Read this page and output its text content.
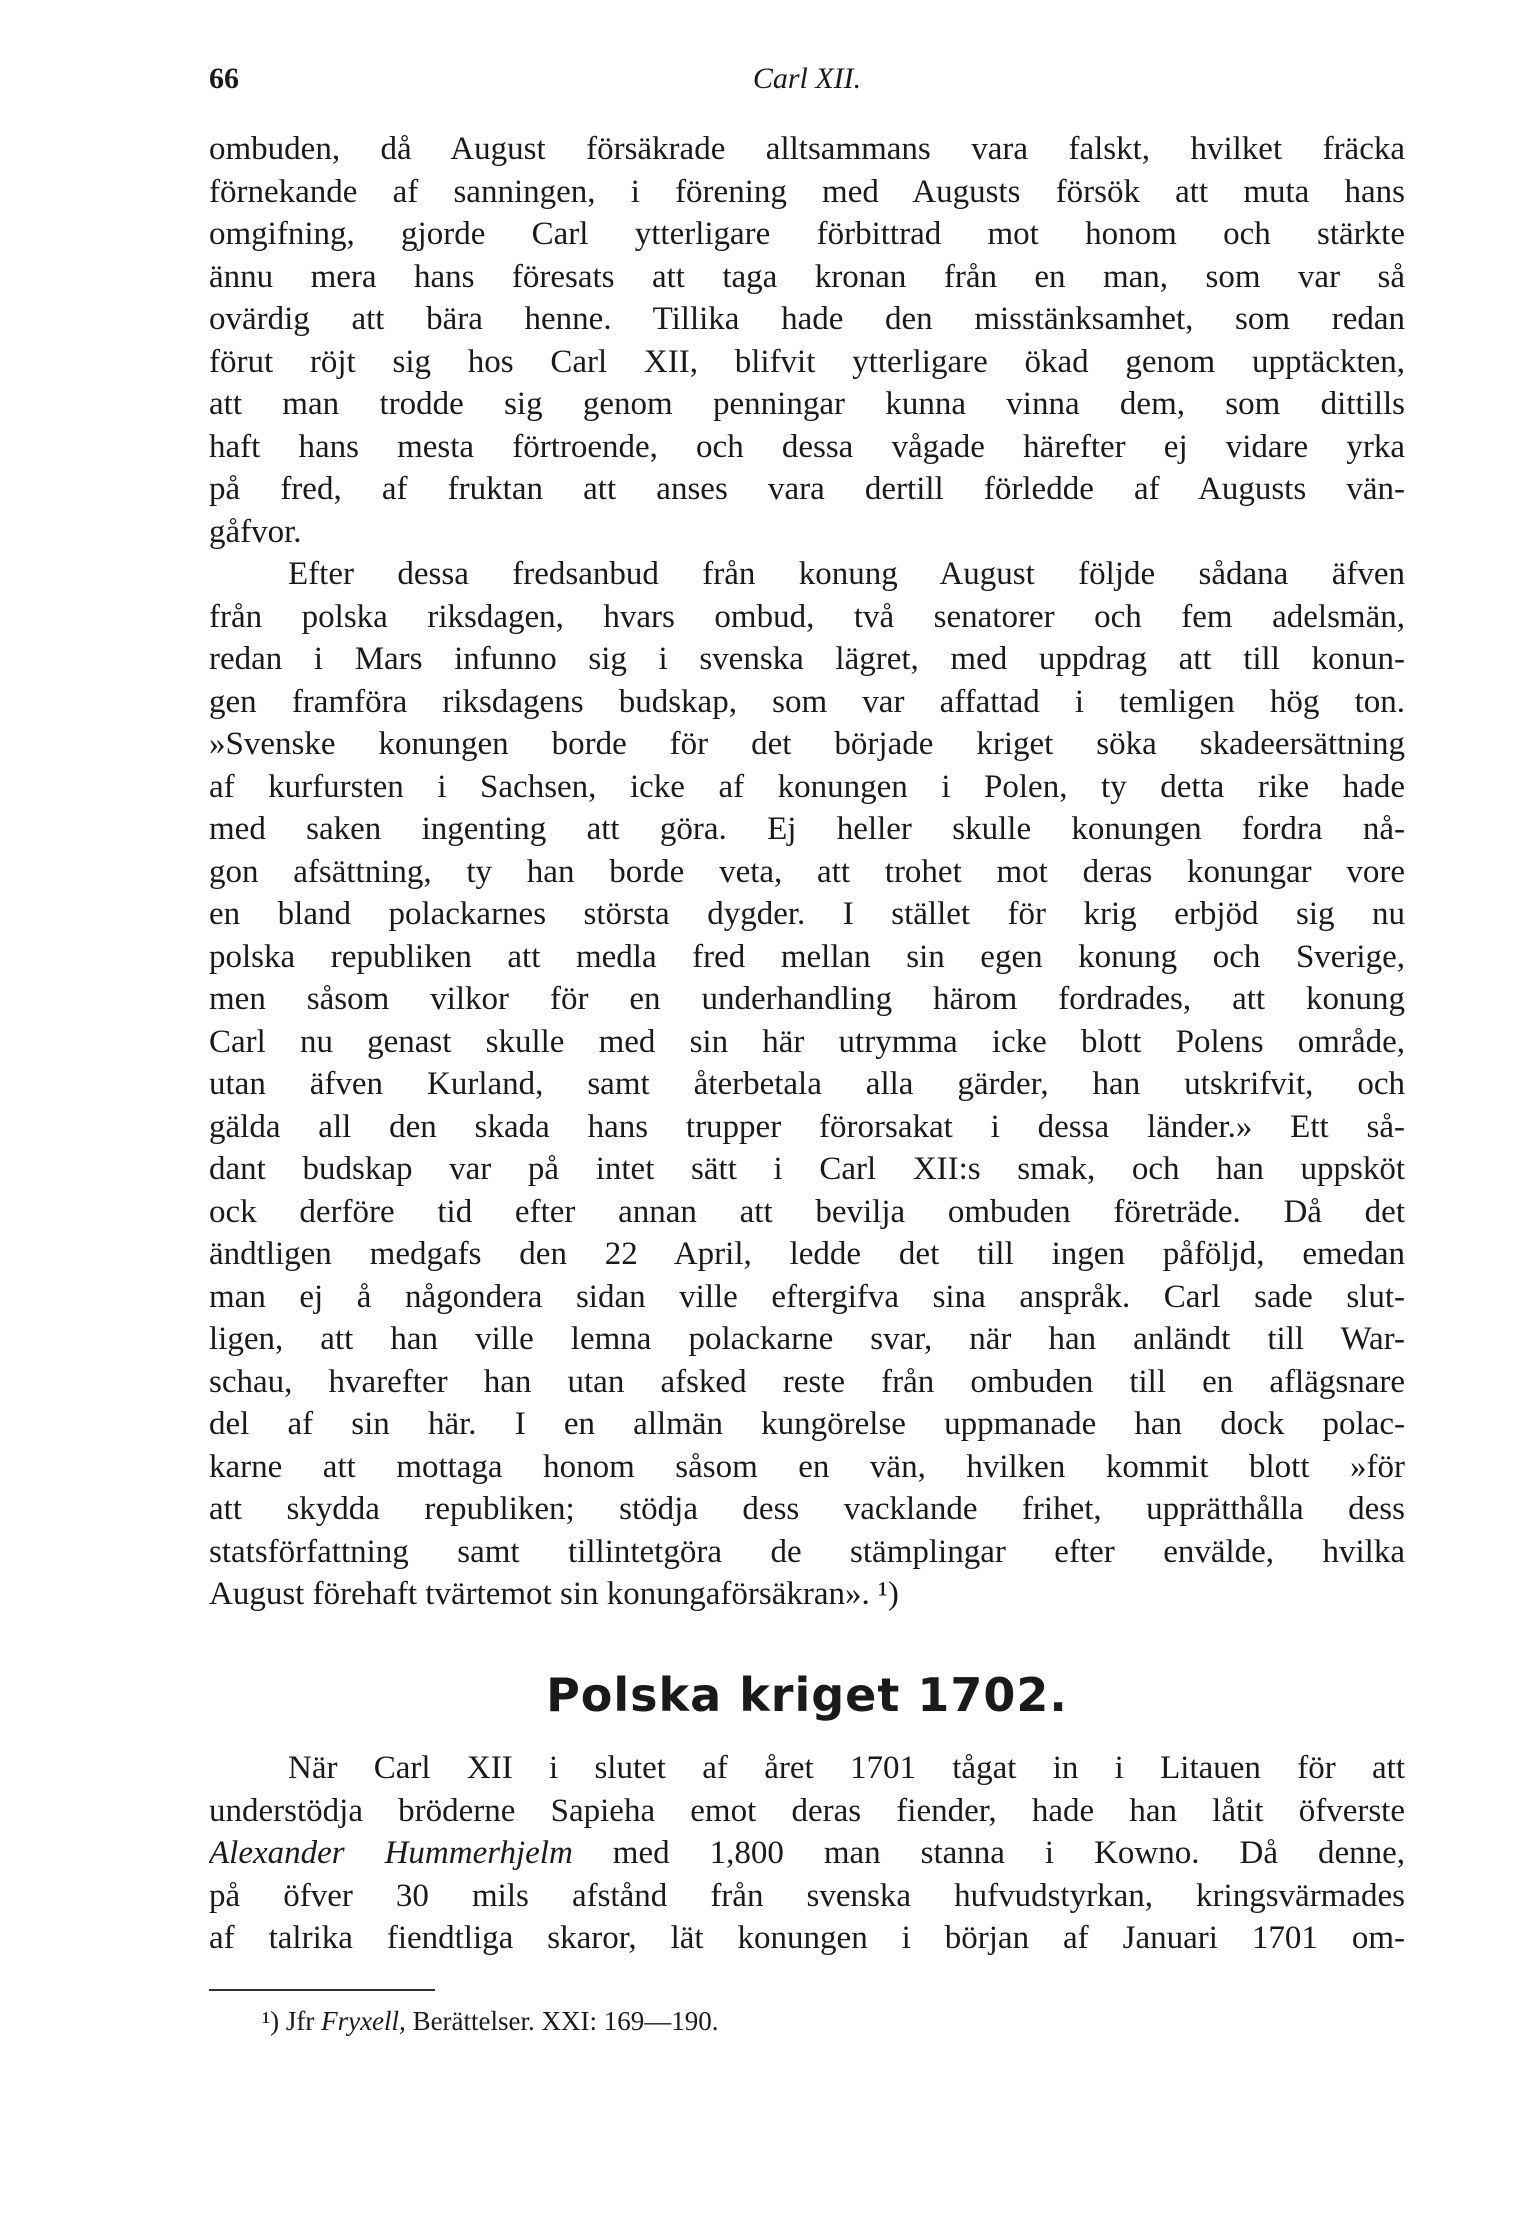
66	Carl XII.
ombuden, då August försäkrade alltsammans vara falskt, hvilket fräcka
förnekande af sanningen, i förening med Augusts försök att muta hans
omgifning, gjorde Carl ytterligare förbittrad mot honom och stärkte
ännu mera hans föresats att taga kronan från en man, som var så
ovärdig att bära henne. Tillika hade den misstänksamhet, som redan
förut röjt sig hos Carl XII, blifvit ytterligare ökad genom upptäckten,
att man trodde sig genom penningar kunna vinna dem, som dittills
haft hans mesta förtroende, och dessa vågade härefter ej vidare yrka
på fred, af fruktan att anses vara dertill förledde af Augusts vän-
gåfvor.
Efter dessa fredsanbud från konung August följde sådana äfven
från polska riksdagen, hvars ombud, två senatorer och fem adelsmän,
redan i Mars infunno sig i svenska lägret, med uppdrag att till konun-
gen framföra riksdagens budskap, som var affattad i temligen hög ton.
»Svenske konungen borde för det började kriget söka skadeersättning
af kurfursten i Sachsen, icke af konungen i Polen, ty detta rike hade
med saken ingenting att göra. Ej heller skulle konungen fordra nå-
gon afsättning, ty han borde veta, att trohet mot deras konungar vore
en bland polackarnes största dygder. I stället för krig erbjöd sig nu
polska republiken att medla fred mellan sin egen konung och Sverige,
men såsom vilkor för en underhandling härom fordrades, att konung
Carl nu genast skulle med sin här utrymma icke blott Polens område,
utan äfven Kurland, samt återbetala alla gärder, han utskrifvit, och
gälda all den skada hans trupper förorsakat i dessa länder.» Ett så-
dant budskap var på intet sätt i Carl XII:s smak, och han uppsköt
ock derföre tid efter annan att bevilja ombuden företräde. Då det
ändtligen medgafs den 22 April, ledde det till ingen påföljd, emedan
man ej å någondera sidan ville eftergifva sina anspråk. Carl sade slut-
ligen, att han ville lemna polackarne svar, när han anländt till War-
schau, hvarefter han utan afsked reste från ombuden till en aflägsnare
del af sin här. I en allmän kungörelse uppmanade han dock polac-
karne att mottaga honom såsom en vän, hvilken kommit blott »för
att skydda republiken; stödja dess vacklande frihet, upprätthålla dess
statsförfattning samt tillintetgöra de stämplingar efter envälde, hvilka
August förehaft tvärtemot sin konungaförsäkran». ¹)
Polska kriget 1702.
När Carl XII i slutet af året 1701 tågat in i Litauen för att
understödja bröderne Sapieha emot deras fiender, hade han låtit öfverste
Alexander Hummerhjelm med 1,800 man stanna i Kowno. Då denne,
på öfver 30 mils afstånd från svenska hufvudstyrkan, kringsvärmades
af talrika fiendtliga skaror, lät konungen i början af Januari 1701 om-
¹) Jfr Fryxell, Berättelser. XXI: 169—190.
